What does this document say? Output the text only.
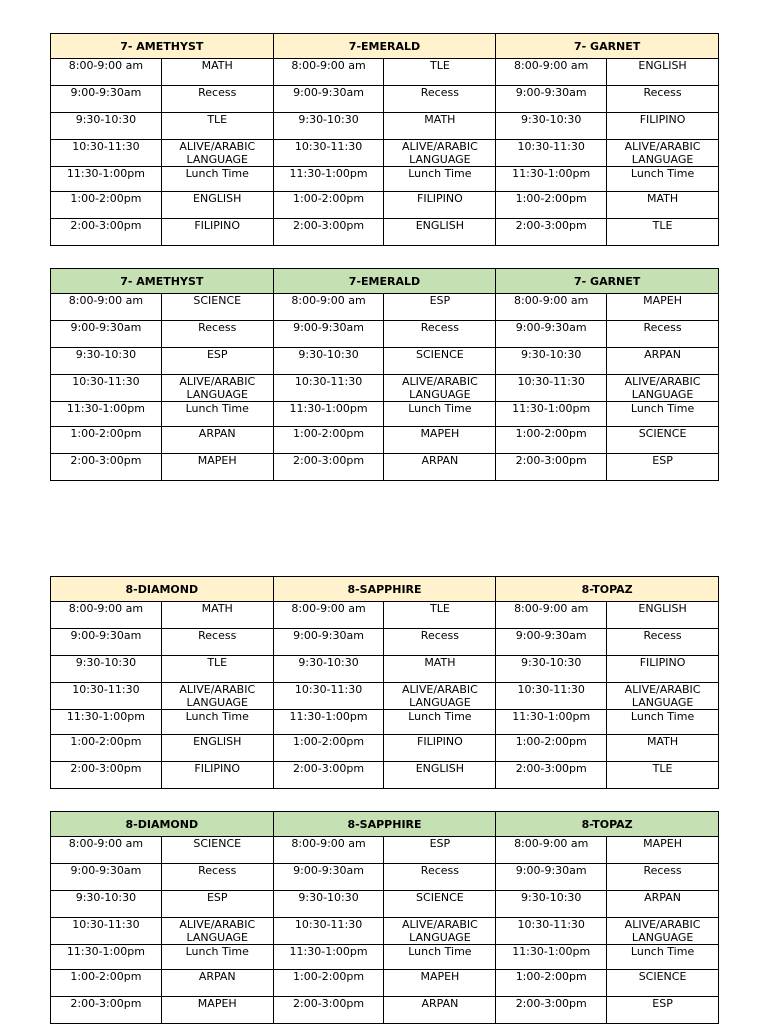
7- AMETHYST		7-EMERALD		7- GARNET	
8:00-9:00 am	MATH	8:00-9:00 am	TLE	8:00-9:00 am	ENGLISH
9:00-9:30am	Recess	9:00-9:30am	Recess	9:00-9:30am	Recess
9:30-10:30	TLE	9:30-10:30	MATH	9:30-10:30	FILIPINO
10:30-11:30	ALIVE/ARABIC LANGUAGE	10:30-11:30	ALIVE/ARABIC LANGUAGE	10:30-11:30	ALIVE/ARABIC LANGUAGE
11:30-1:00pm	Lunch Time	11:30-1:00pm	Lunch Time	11:30-1:00pm	Lunch Time
1:00-2:00pm	ENGLISH	1:00-2:00pm	FILIPINO	1:00-2:00pm	MATH
2:00-3:00pm	FILIPINO	2:00-3:00pm	ENGLISH	2:00-3:00pm	TLE
7- AMETHYST		7-EMERALD		7- GARNET	
8:00-9:00 am	SCIENCE	8:00-9:00 am	ESP	8:00-9:00 am	MAPEH
9:00-9:30am	Recess	9:00-9:30am	Recess	9:00-9:30am	Recess
9:30-10:30	ESP	9:30-10:30	SCIENCE	9:30-10:30	ARPAN
10:30-11:30	ALIVE/ARABIC LANGUAGE	10:30-11:30	ALIVE/ARABIC LANGUAGE	10:30-11:30	ALIVE/ARABIC LANGUAGE
11:30-1:00pm	Lunch Time	11:30-1:00pm	Lunch Time	11:30-1:00pm	Lunch Time
1:00-2:00pm	ARPAN	1:00-2:00pm	MAPEH	1:00-2:00pm	SCIENCE
2:00-3:00pm	MAPEH	2:00-3:00pm	ARPAN	2:00-3:00pm	ESP
8-DIAMOND		8-SAPPHIRE		8-TOPAZ	
8:00-9:00 am	MATH	8:00-9:00 am	TLE	8:00-9:00 am	ENGLISH
9:00-9:30am	Recess	9:00-9:30am	Recess	9:00-9:30am	Recess
9:30-10:30	TLE	9:30-10:30	MATH	9:30-10:30	FILIPINO
10:30-11:30	ALIVE/ARABIC LANGUAGE	10:30-11:30	ALIVE/ARABIC LANGUAGE	10:30-11:30	ALIVE/ARABIC LANGUAGE
11:30-1:00pm	Lunch Time	11:30-1:00pm	Lunch Time	11:30-1:00pm	Lunch Time
1:00-2:00pm	ENGLISH	1:00-2:00pm	FILIPINO	1:00-2:00pm	MATH
2:00-3:00pm	FILIPINO	2:00-3:00pm	ENGLISH	2:00-3:00pm	TLE
8-DIAMOND		8-SAPPHIRE		8-TOPAZ	
8:00-9:00 am	SCIENCE	8:00-9:00 am	ESP	8:00-9:00 am	MAPEH
9:00-9:30am	Recess	9:00-9:30am	Recess	9:00-9:30am	Recess
9:30-10:30	ESP	9:30-10:30	SCIENCE	9:30-10:30	ARPAN
10:30-11:30	ALIVE/ARABIC LANGUAGE	10:30-11:30	ALIVE/ARABIC LANGUAGE	10:30-11:30	ALIVE/ARABIC LANGUAGE
11:30-1:00pm	Lunch Time	11:30-1:00pm	Lunch Time	11:30-1:00pm	Lunch Time
1:00-2:00pm	ARPAN	1:00-2:00pm	MAPEH	1:00-2:00pm	SCIENCE
2:00-3:00pm	MAPEH	2:00-3:00pm	ARPAN	2:00-3:00pm	ESP
